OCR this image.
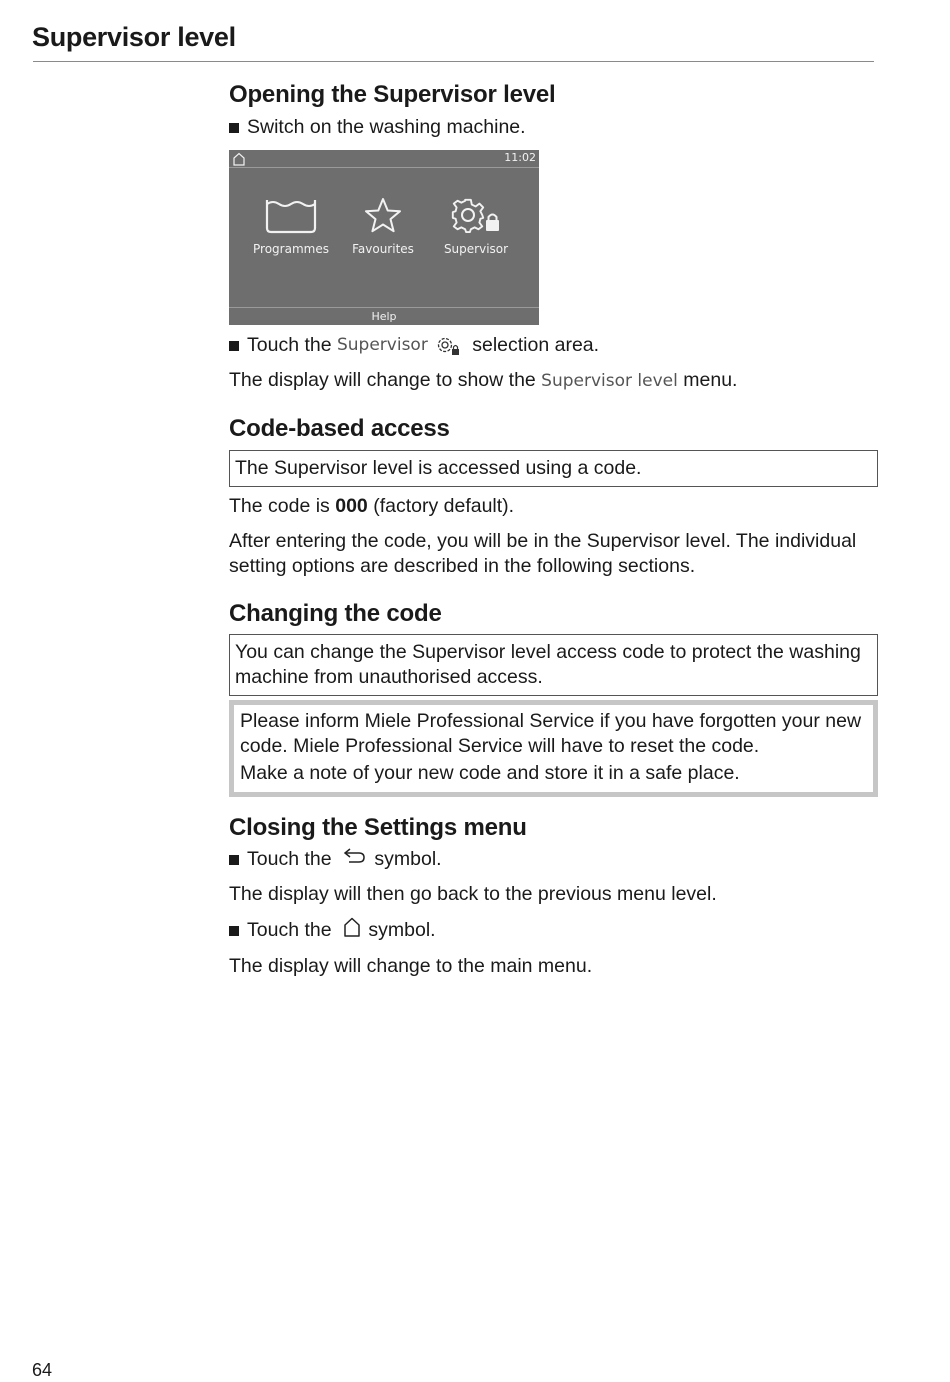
Supervisor level
Opening the Supervisor level
Switch on the washing machine.
11:02
Programmes	Favourites	Supervisor
Help
Touch the Supervisor selection area.

The display will change to show the Supervisor level menu.

Code-based access

The Supervisor level is accessed using a code.

The code is 000 (factory default).

After entering the code, you will be in the Supervisor level. The individual setting options are described in the following sections.

Changing the code

You can change the Supervisor level access code to protect the washing machine from unauthorised access.

Please inform Miele Professional Service if you have forgotten your new code. Miele Professional Service will have to reset the code.

Make a note of your new code and store it in a safe place.

Closing the Settings menu
Touch the symbol.

The display will then go back to the previous menu level.

Touch the symbol.

The display will change to the main menu.

64
